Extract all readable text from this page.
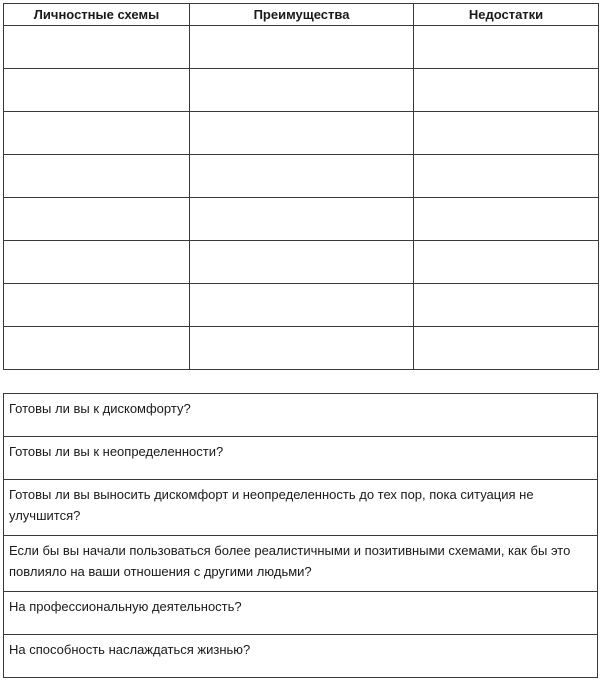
Личностные схемы	Преимущества	Недостатки

Готовы ли вы к дискомфорту?
Готовы ли вы к неопределенности?
Готовы ли вы выносить дискомфорт и неопределенность до тех пор, пока ситуация не улучшится?
Если бы вы начали пользоваться более реалистичными и позитивными схемами, как бы это повлияло на ваши отношения с другими людьми?
На профессиональную деятельность?
На способность наслаждаться жизнью?
